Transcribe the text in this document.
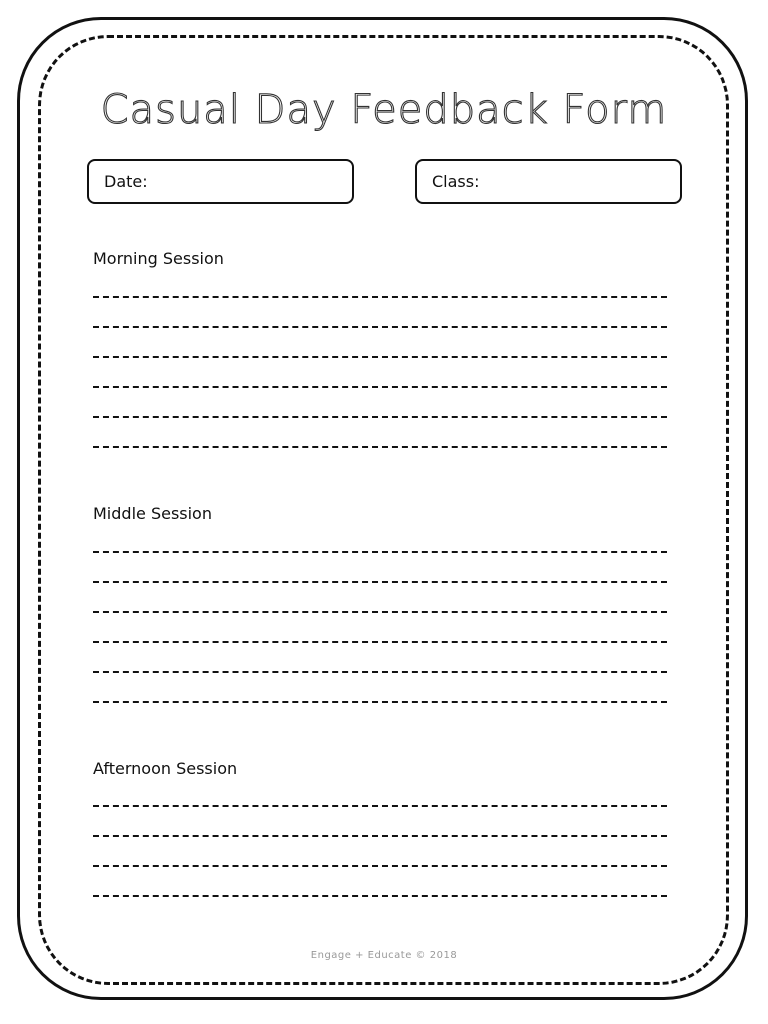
Casual Day Feedback Form
Date:	Class:
Morning Session
Middle Session
Afternoon Session
Engage + Educate © 2018
